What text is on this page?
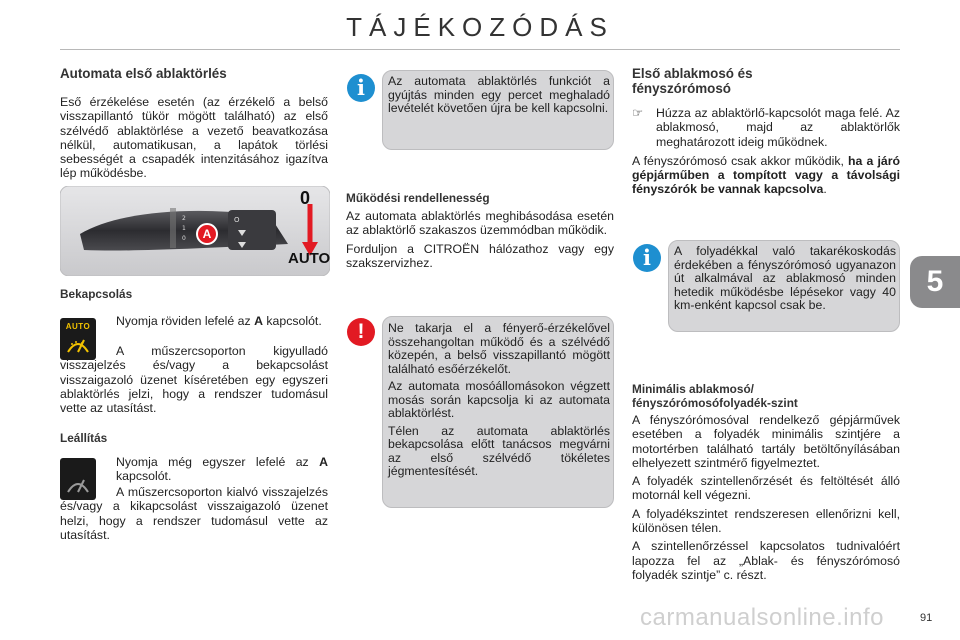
TÁJÉKOZÓDÁS
Automata első ablaktörlés

Eső érzékelése esetén (az érzékelő a belső visszapillantó tükör mögött található) az első szélvédő ablaktörlése a vezető beavatkozása nélkül, automatikusan, a lapátok törlési sebességét a csapadék intenzitásához igazítva lép működésbe.

2
1
0
O
A
0
AUTO
Bekapcsolás
AUTO	Nyomja röviden lefelé az A kapcsolót.
A műszercsoporton kigyulladó visszajelzés és/vagy a bekapcsolást visszaigazoló üzenet kíséretében egy egyszeri ablaktörlés jelzi, hogy a rendszer tudomásul vette az utasítást.
Leállítás
Nyomja még egyszer lefelé az A kapcsolót.
A műszercsoporton kialvó visszajelzés és/vagy a kikapcsolást visszaigazoló üzenet helzi, hogy a rendszer tudomásul vette az utasítást.
i	Az automata ablaktörlés funkciót a gyújtás minden egy percet meghaladó levételét követően újra be kell kapcsolni.
Működési rendellenesség

Az automata ablaktörlés meghibásodása esetén az ablaktörlő szakaszos üzemmódban működik.

Forduljon a CITROËN hálózathoz vagy egy szakszervizhez.

!	Ne takarja el a fényerő-érzékelővel összehangoltan működő és a szélvédő közepén, a belső visszapillantó mögött található esőérzékelőt.

Az automata mosóállomásokon végzett mosás során kapcsolja ki az automata ablaktörlést.

Télen az automata ablaktörlés bekapcsolása előtt tanácsos megvárni az első szélvédő tökéletes jégmentesítését.

Első ablakmosó és fényszórómosó
☞ Húzza az ablaktörlő-kapcsolót maga felé. Az ablakmosó, majd az ablaktörlők meghatározott ideig működnek.

A fényszórómosó csak akkor működik, ha a járó gépjárműben a tompított vagy a távolsági fényszórók be vannak kapcsolva.

i	A folyadékkal való takarékoskodás érdekében a fényszórómosó ugyanazon út alkalmával az ablakmosó minden hetedik működésbe lépésekor vagy 40 km-enként kapcsol csak be.
Minimális ablakmosó/ fényszórómosófolyadék-szint

A fényszórómosóval rendelkező gépjárművek esetében a folyadék minimális szintjére a motortérben található tartály betöltőnyílásában elhelyezett szintmérő figyelmeztet.

A folyadék szintellenőrzését és feltöltését álló motornál kell végezni.

A folyadékszintet rendszeresen ellenőrizni kell, különösen télen.

A szintellenőrzéssel kapcsolatos tudnivalóért lapozza fel az „Ablak- és fényszórómosó folyadék szintje” c. részt.

5
carmanualsonline.info	91
